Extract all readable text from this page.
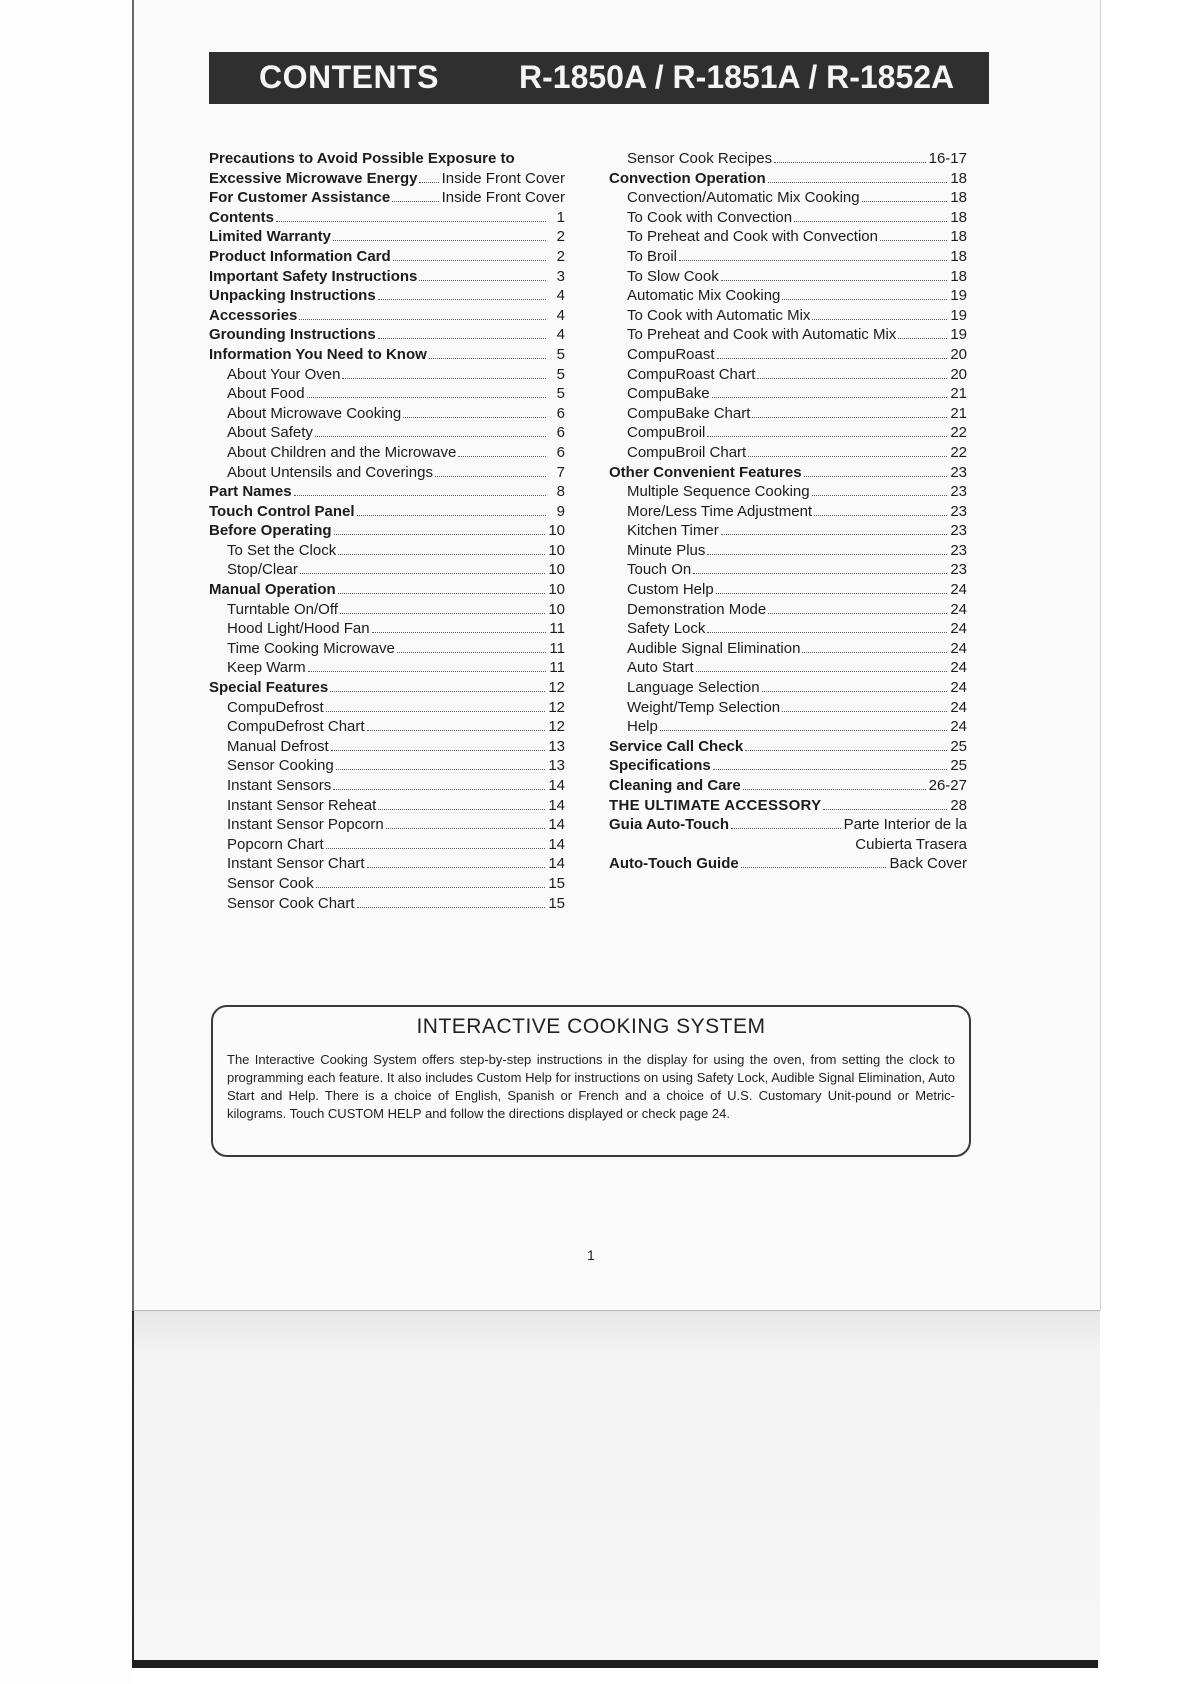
CONTENTS	R-1850A / R-1851A / R-1852A
Precautions to Avoid Possible Exposure to
Excessive Microwave Energy Inside Front Cover
For Customer Assistance	Inside Front Cover
Contents	1
Limited Warranty	2
Product Information Card	2
Important Safety Instructions	3
Unpacking Instructions	4
Accessories	4
Grounding Instructions	4
Information You Need to Know	5
About Your Oven	5
About Food	5
About Microwave Cooking	6
About Safety	6
About Children and the Microwave	6
About Untensils and Coverings	7
Part Names	8
Touch Control Panel	9
Before Operating	10
To Set the Clock	10
Stop/Clear	10
Manual Operation	10
Turntable On/Off	10
Hood Light/Hood Fan	11
Time Cooking Microwave	11
Keep Warm	11
Special Features	12
CompuDefrost	12
CompuDefrost Chart	12
Manual Defrost	13
Sensor Cooking	13
Instant Sensors	14
Instant Sensor Reheat	14
Instant Sensor Popcorn	14
Popcorn Chart	14
Instant Sensor Chart	14
Sensor Cook	15
Sensor Cook Chart	15
Sensor Cook Recipes	16-17
Convection Operation	18
Convection/Automatic Mix Cooking	18
To Cook with Convection	18
To Preheat and Cook with Convection	18
To Broil	18
To Slow Cook	18
Automatic Mix Cooking	19
To Cook with Automatic Mix	19
To Preheat and Cook with Automatic Mix	19
CompuRoast	20
CompuRoast Chart	20
CompuBake	21
CompuBake Chart	21
CompuBroil	22
CompuBroil Chart	22
Other Convenient Features	23
Multiple Sequence Cooking	23
More/Less Time Adjustment	23
Kitchen Timer	23
Minute Plus	23
Touch On	23
Custom Help	24
Demonstration Mode	24
Safety Lock	24
Audible Signal Elimination	24
Auto Start	24
Language Selection	24
Weight/Temp Selection	24
Help	24
Service Call Check	25
Specifications	25
Cleaning and Care	26-27
THE ULTIMATE ACCESSORY	28
Guia Auto-Touch	Parte Interior de la
Cubierta Trasera
Auto-Touch Guide	Back Cover
INTERACTIVE COOKING SYSTEM
The Interactive Cooking System offers step-by-step instructions in the display for using the oven, from setting the clock to programming each feature. It also includes Custom Help for instructions on using Safety Lock, Audible Signal Elimination, Auto Start and Help. There is a choice of English, Spanish or French and a choice of U.S. Customary Unit-pound or Metric-kilograms. Touch CUSTOM HELP and follow the directions displayed or check page 24.
1
